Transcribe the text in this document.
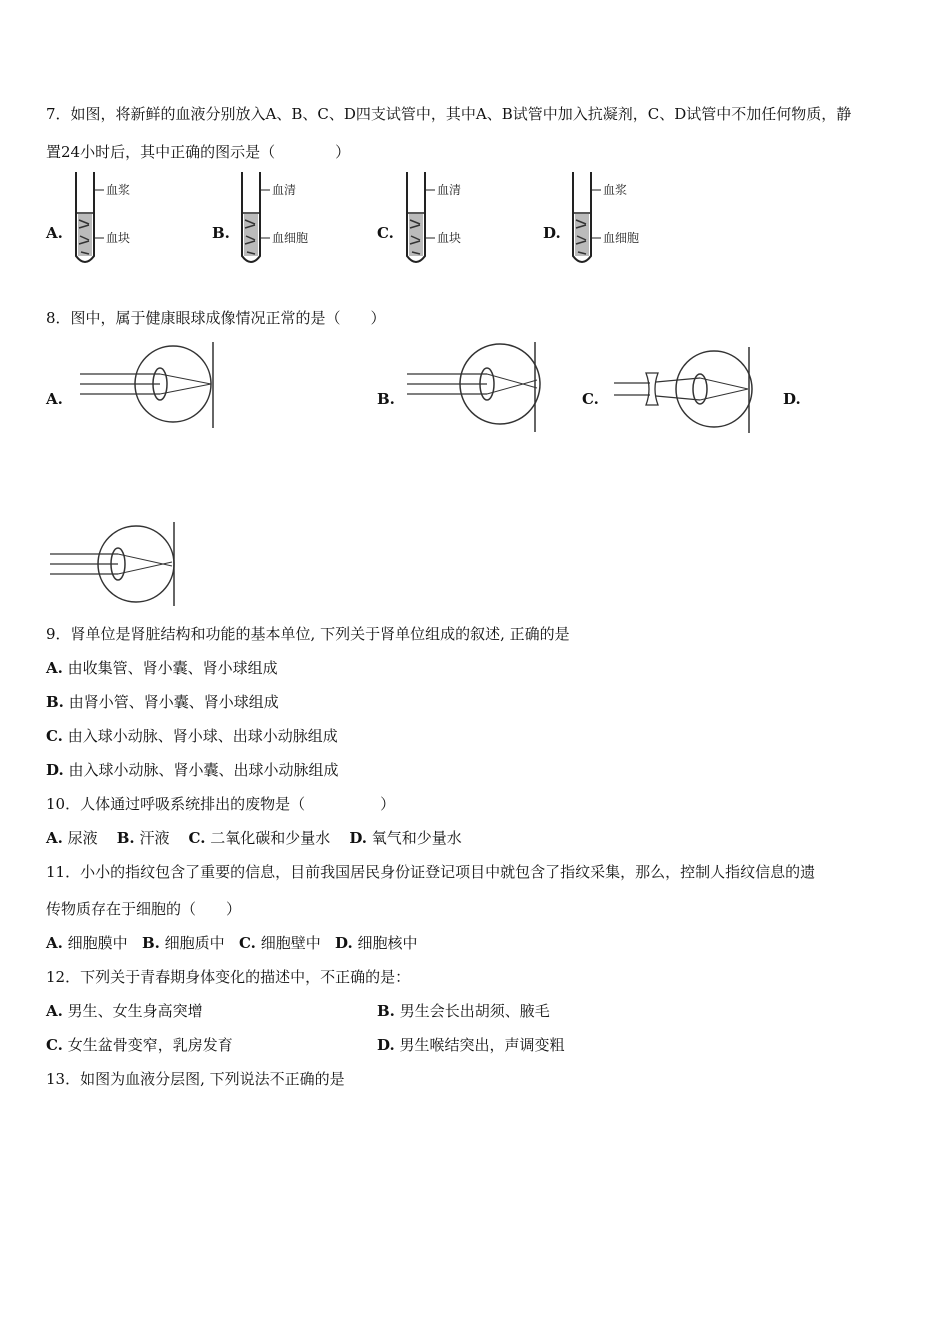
7．如图，将新鲜的血液分别放入A、B、C、D四支试管中，其中A、B试管中加入抗凝剂，C、D试管中不加任何物质，静
置24小时后，其中正确的图示是（　　　　）
A.
血浆
血块	B.
血清
血细胞	C.
血清
血块	D.
血浆
血细胞
8．图中，属于健康眼球成像情况正常的是（　　）
A.	B.	C.	D.
9．肾单位是肾脏结构和功能的基本单位, 下列关于肾单位组成的叙述, 正确的是
A. 由收集管、肾小囊、肾小球组成
B. 由肾小管、肾小囊、肾小球组成
C. 由入球小动脉、肾小球、出球小动脉组成
D. 由入球小动脉、肾小囊、出球小动脉组成
10．人体通过呼吸系统排出的废物是（　　　　　）
A. 尿液 B. 汗液 C. 二氧化碳和少量水 D. 氧气和少量水
11．小小的指纹包含了重要的信息，目前我国居民身份证登记项目中就包含了指纹采集，那么，控制人指纹信息的遗
传物质存在于细胞的（　　）
A. 细胞膜中 B. 细胞质中 C. 细胞壁中 D. 细胞核中
12．下列关于青春期身体变化的描述中，不正确的是：
A. 男生、女生身高突增	B. 男生会长出胡须、腋毛
C. 女生盆骨变窄，乳房发育	D. 男生喉结突出，声调变粗
13．如图为血液分层图, 下列说法不正确的是
